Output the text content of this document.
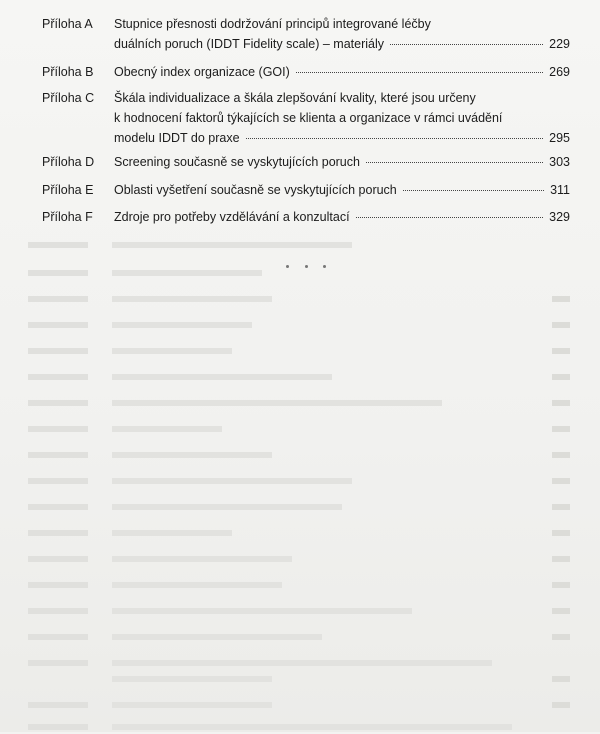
Příloha A Stupnice přesnosti dodržování principů integrované léčby
duálních poruch (IDDT Fidelity scale) – materiály	229
Příloha B Obecný index organizace (GOI)	269
Příloha C Škála individualizace a škála zlepšování kvality, které jsou určeny
k hodnocení faktorů týkajících se klienta a organizace v rámci uvádění
modelu IDDT do praxe	295
Příloha D Screening současně se vyskytujících poruch	303
Příloha E Oblasti vyšetření současně se vyskytujících poruch	311
Příloha F Zdroje pro potřeby vzdělávání a konzultací	329
